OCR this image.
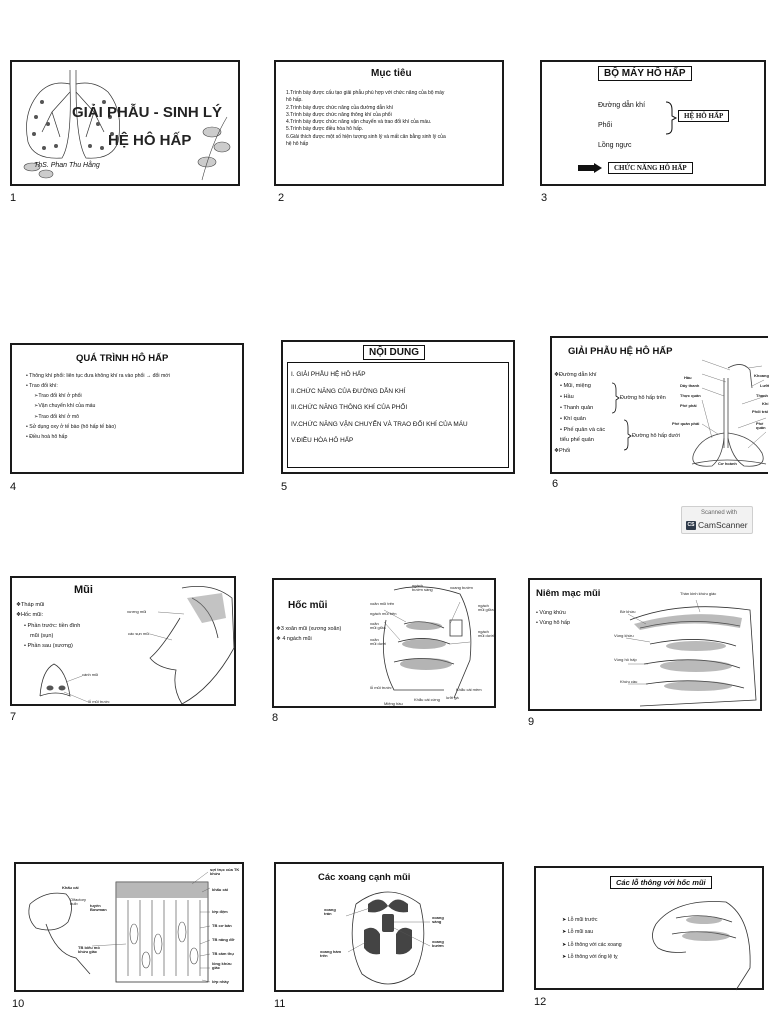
GIẢI PHẪU - SINH LÝ
HỆ HÔ HẤP
ThS. Phan Thu Hằng
1
Mục tiêu
1.Trình bày được cấu tạo giải phẫu phù hợp với chức năng của bộ máy
hô hấp.
2.Trình bày được chức năng của đường dẫn khí
3.Trình bày được chức năng thông khí của phổi
4.Trình bày được chức năng vận chuyển và trao đổi khí của máu.
5.Trình bày được điều hòa hô hấp.
6.Giải thích được một số hiện tượng sinh lý và mất cân bằng sinh lý của
hệ hô hấp
2
BỘ MÁY HÔ HẤP
Đường dẫn khí
Phổi
Lồng ngực
HỆ HÔ HẤP
CHỨC NĂNG HÔ HẤP
3
QUÁ TRÌNH HÔ HẤP
• Thông khí phổi: liên tục đưa không khí ra vào phổi → đổi mới
• Trao đổi khí:
➢Trao đổi khí ở phổi
➢Vận chuyển khí của máu
➢Trao đổi khí ở mô
• Sử dụng oxy ở tế bào (hô hấp tế bào)
• Điều hoà hô hấp
4
NỘI DUNG
I. GIẢI PHẪU HỆ HÔ HẤP
II.CHỨC NĂNG CỦA ĐƯỜNG DẪN KHÍ
III.CHỨC NĂNG THÔNG KHÍ CỦA PHỔI
IV.CHỨC NĂNG VẬN CHUYỂN VÀ TRAO ĐỔI KHÍ CỦA MÁU
V.ĐIỀU HÒA HÔ HẤP
5
GIẢI PHẪU HỆ HÔ HẤP
❖Đường dẫn khí
• Mũi, miệng
• Hầu
• Thanh quản
• Khí quản
• Phế quản và các
tiểu phế quản
❖Phổi
Đường hô hấp trên
Đường hô hấp dưới
Hầu
Dây thanh
Thực quản
Phế phải
Phế quản phải
Khoang
Lưỡi
Thanh
Khí
Phổi trái
Phế quản
Cơ hoành
6
Scanned with
CS CamScanner
Mũi
❖Tháp mũi
❖Hốc mũi:
• Phần trước: tiền đình
mũi (sụn)
• Phần sau (xương)
xương mũi
các sụn mũi
cánh mũi
lỗ mũi trước
7
Hốc mũi
❖3 xoăn mũi (xương xoăn)
❖ 4 ngách mũi
ngách bướm sàng	xoang bướm
xoăn mũi trên
ngách mũi trên
ngách mũi giữa
xoăn mũi giữa
xoăn mũi dưới
ngách mũi dưới
lỗ mũi trước
lưỡi gà
Miệng hầu
Khẩu cái cứng
Khẩu cái mềm
8
Niêm mạc mũi
• Vùng khứu
• Vùng hô hấp
Bờ khứu
Vùng khứu
Vùng hô hấp
Khứu cầu
Thần kinh khứu giác
9
Khẩu cái
Olfactory bulb	tuyến Bowman
sợi trục của TK khứu
khẩu cái
lớp đệm
TB cơ bản
TB nâng đỡ
TB cảm thụ
lông khứu giác
lớp nhầy
TB biểu mô khứu giác
10
Các xoang cạnh mũi
xoang trán
xoang sàng
xoang bướm
xoang hàm trên
11
Các lỗ thông với hốc mũi
➤ Lỗ mũi trước
➤ Lỗ mũi sau
➤ Lỗ thông với các xoang
➤ Lỗ thông với ống lệ tỵ
12
